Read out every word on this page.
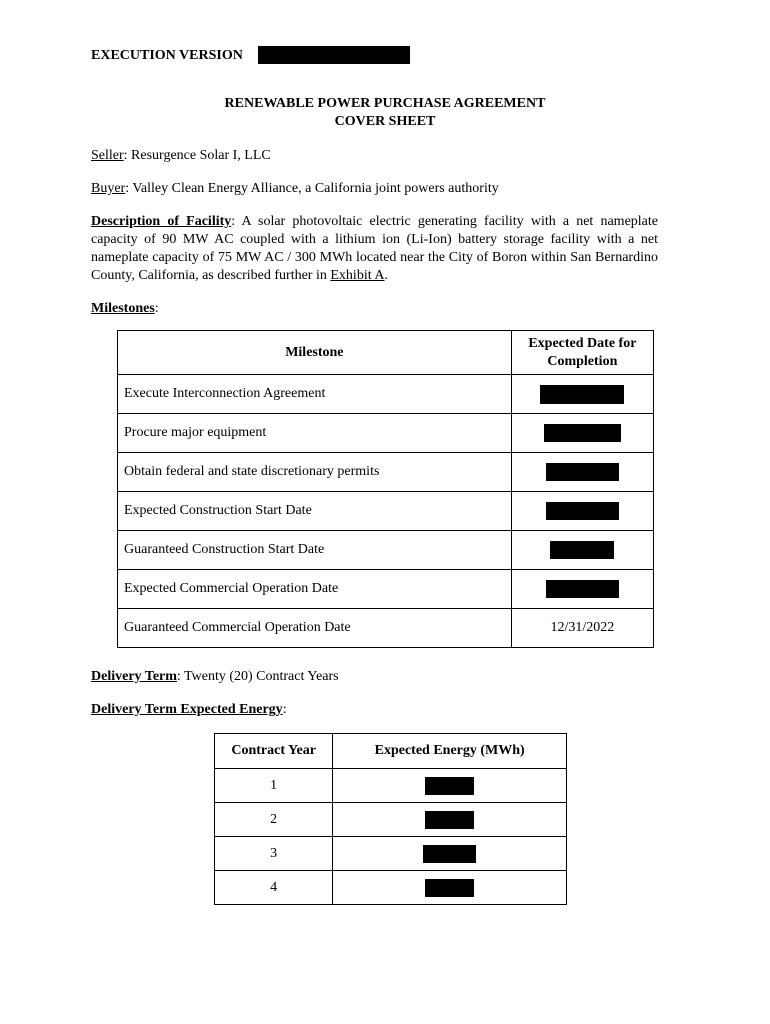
EXECUTION VERSION
RENEWABLE POWER PURCHASE AGREEMENT
COVER SHEET
Seller: Resurgence Solar I, LLC
Buyer: Valley Clean Energy Alliance, a California joint powers authority
Description of Facility: A solar photovoltaic electric generating facility with a net nameplate capacity of 90 MW AC coupled with a lithium ion (Li-Ion) battery storage facility with a net nameplate capacity of 75 MW AC / 300 MWh located near the City of Boron within San Bernardino County, California, as described further in Exhibit A.
Milestones:
Milestone	Expected Date for Completion
Execute Interconnection Agreement	
Procure major equipment	
Obtain federal and state discretionary permits	
Expected Construction Start Date	
Guaranteed Construction Start Date	
Expected Commercial Operation Date	
Guaranteed Commercial Operation Date	12/31/2022
Delivery Term: Twenty (20) Contract Years
Delivery Term Expected Energy:
Contract Year	Expected Energy (MWh)
1	
2	
3	
4	
